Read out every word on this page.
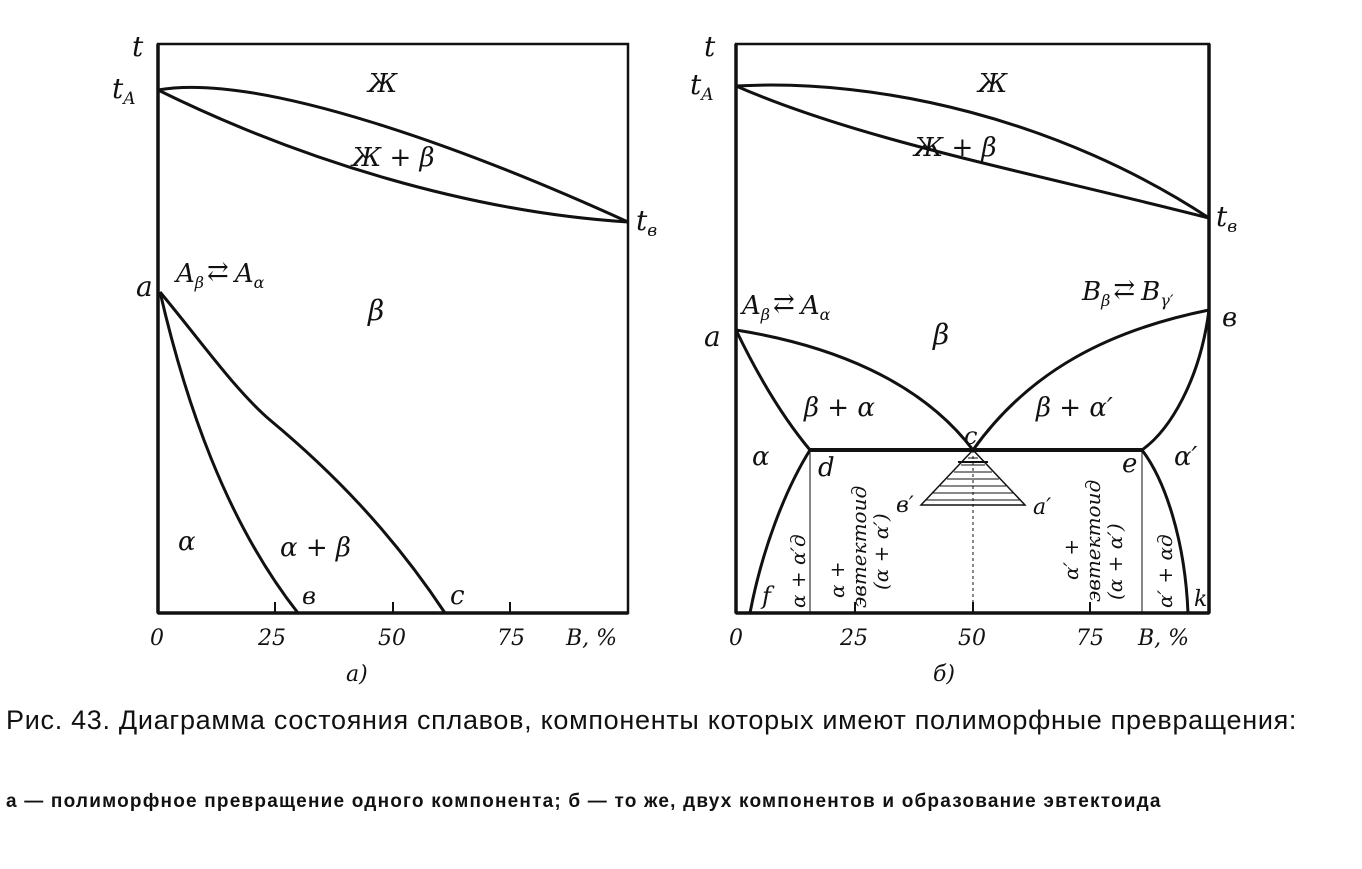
t
$t_A$
$t_в$
Ж
Ж + β
β
α	α + β
a
в	c
$A_\beta$ ⇄ $A_\alpha$
0	25	50	75 В, %
а)
t
$t_A$
$t_в$
Ж
Ж + β
β
β + α	β + α′
α	α′
a
в
c
d	e
f	k
в′	a′
$A_\beta$ ⇄ $A_\alpha$
$B_\beta$ ⇄ $B_{\gamma'}$
α + α′д α +
эвтектоид
(α + α′)	α′ +
эвтектоид
(α + α′) α′ + αд
0	25	50	75 В, %
б)
Рис. 43. Диаграмма состояния сплавов, компоненты которых имеют полиморфные превращения:
а — полиморфное превращение одного компонента; б — то же, двух компонентов и образование эвтектоида
